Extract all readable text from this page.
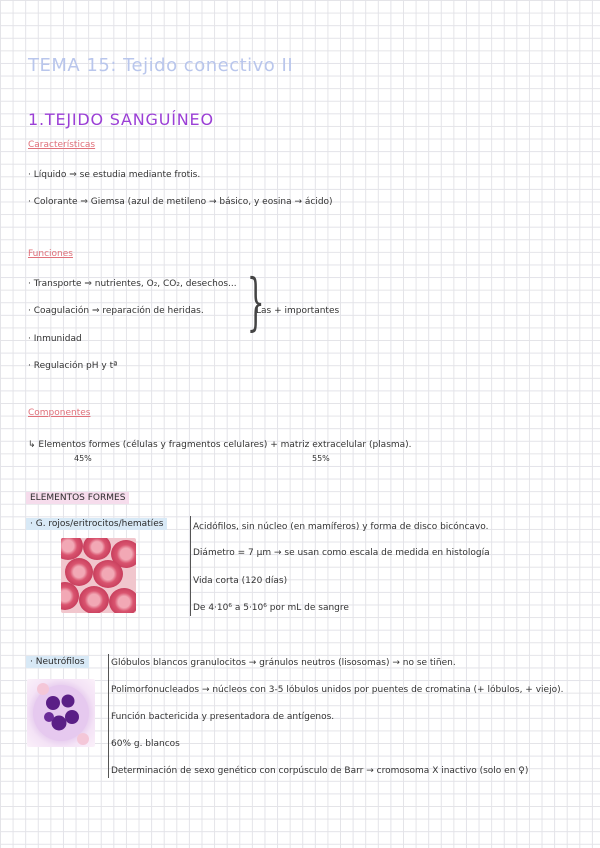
TEMA 15: Tejido conectivo II
1.TEJIDO SANGUÍNEO
Características
· Líquido ⇒ se estudia mediante frotis.
· Colorante ⇒ Giemsa (azul de metileno → básico, y eosina → ácido)
Funciones
· Transporte ⇒ nutrientes, O₂, CO₂, desechos...
· Coagulación ⇒ reparación de heridas.
· Inmunidad
· Regulación pH y tª
}
Las + importantes
Componentes
↳ Elementos formes (células y fragmentos celulares) + matriz extracelular (plasma).
45%	55%
ELEMENTOS FORMES
· G. rojos/eritrocitos/hematíes	Acidófilos, sin núcleo (en mamíferos) y forma de disco bicóncavo.
Diámetro = 7 µm → se usan como escala de medida en histología
Vida corta (120 días)
De 4·10⁶ a 5·10⁶ por mL de sangre
· Neutrófilos	Glóbulos blancos granulocitos → gránulos neutros (lisosomas) → no se tiñen.
Polimorfonucleados → núcleos con 3-5 lóbulos unidos por puentes de cromatina (+ lóbulos, + viejo).
Función bactericida y presentadora de antígenos.
60% g. blancos
Determinación de sexo genético con corpúsculo de Barr → cromosoma X inactivo (solo en ♀)
